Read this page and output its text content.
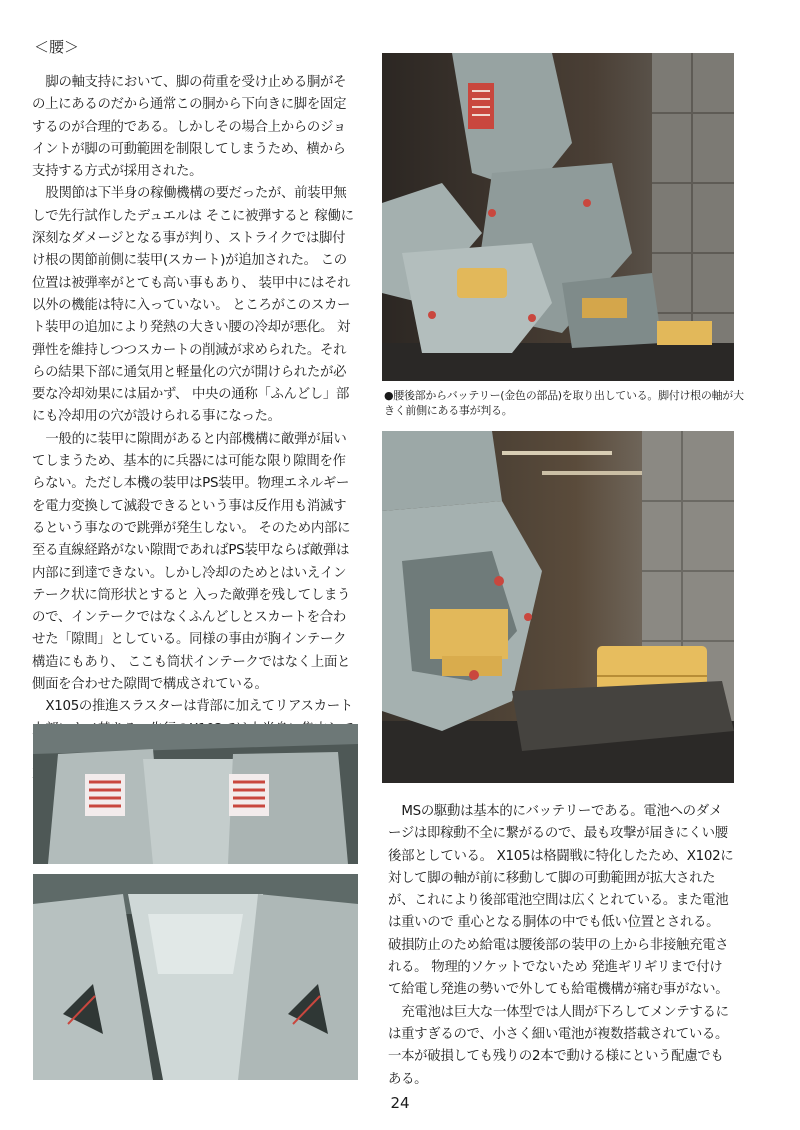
＜腰＞

脚の軸支持において、脚の荷重を受け止める胴がその上にあるのだから通常この胴から下向きに脚を固定するのが合理的である。しかしその場合上からのジョイントが脚の可動範囲を制限してしまうため、横から支持する方式が採用された。

股関節は下半身の稼働機構の要だったが、前装甲無しで先行試作したデュエルは そこに被弾すると 稼働に深刻なダメージとなる事が判り、ストライクでは脚付け根の関節前側に装甲(スカート)が追加された。 この位置は被弾率がとても高い事もあり、 装甲中にはそれ以外の機能は特に入っていない。 ところがこのスカート装甲の追加により発熱の大きい腰の冷却が悪化。 対弾性を維持しつつスカートの削減が求められた。それらの結果下部に通気用と軽量化の穴が開けられたが必要な冷却効果には届かず、 中央の通称「ふんどし」部にも冷却用の穴が設けられる事になった。

一般的に装甲に隙間があると内部機構に敵弾が届いてしまうため、基本的に兵器には可能な限り隙間を作らない。ただし本機の装甲はPS装甲。物理エネルギーを電力変換して滅殺できるという事は反作用も消滅するという事なので跳弾が発生しない。 そのため内部に至る直線経路がない隙間であればPS装甲ならば敵弾は内部に到達できない。しかし冷却のためとはいえインテーク状に筒形状とすると 入った敵弾を残してしまうので、インテークではなくふんどしとスカートを合わせた「隙間」としている。同様の事由が胸インテーク構造にもあり、 ここも筒状インテークではなく上面と側面を合わせた隙間で構成されている。

X105の推進スラスターは背部に加えてリアスカート

●腰後部からバッテリー(金色の部品)を取り出している。脚付け根の軸が大きく前側にある事が判る。

MSの駆動は基本的にバッテリーである。電池へのダメージは即稼動不全に繋がるので、最も攻撃が届きにくい腰後部としている。 X105は格闘戦に特化したため、X102に対して脚の軸が前に移動して脚の可動範囲が拡大されたが、これにより後部電池空間は広くとれている。また電池は重いので 重心となる胴体の中でも低い位置とされる。 破損防止のため給電は腰後部の装甲の上から非接触充電される。 物理的ソケットでないため 発進ギリギリまで付けて給電し発進の勢いで外しても給電機構が痛む事がない。

充電池は巨大な一体型では人間が下ろしてメンテするには重すぎるので、小さく細い電池が複数搭載されている。一本が破損しても残りの2本で動ける様にという配慮でもある。

24
